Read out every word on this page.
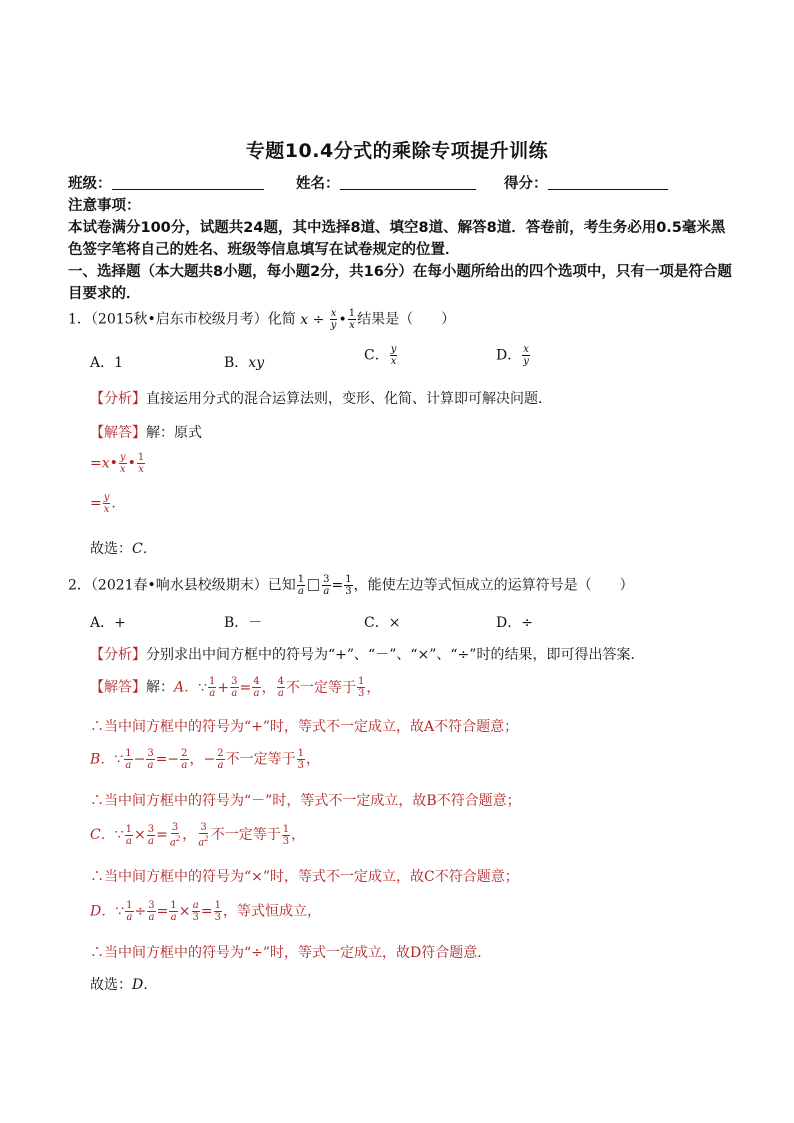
专题10.4分式的乘除专项提升训练
班级：	姓名：	得分：
注意事项：
本试卷满分100分，试题共24题，其中选择8道、填空8道、解答8道．答卷前，考生务必用0.5毫米黑
色签字笔将自己的姓名、班级等信息填写在试卷规定的位置．
一、选择题（本大题共8小题，每小题2分，共16分）在每小题所给出的四个选项中，只有一项是符合题
目要求的．
1．（2015秋•启东市校级月考）化简 $x \div \frac{x}{y}$ • $\frac{1}{x}$ 结果是（　　）
A．1	B．xy	C． $\frac{y}{x}$	D． $\frac{x}{y}$
【分析】直接运用分式的混合运算法则，变形、化简、计算即可解决问题．
【解答】解：原式
=x• $\frac{y}{x}$ • $\frac{1}{x}$
= $\frac{y}{x}$ ．
故选：C．
2．（2021春•响水县校级期末）已知 $\frac{1}{a} \frac{3}{a} = \frac{1}{3}$ ，能使左边等式恒成立的运算符号是（　　）
A．+	B．－	C．×	D．÷
【分析】分别求出中间方框中的符号为“+”、“－”、“×”、“÷”时的结果，即可得出答案．
【解答】解：A．∵ $\frac{1}{a} + \frac{3}{a} = \frac{4}{a}$ ， $\frac{4}{a}$ 不一定等于 $\frac{1}{3}$ ，
∴当中间方框中的符号为“+”时，等式不一定成立，故A不符合题意；
B．∵ $\frac{1}{a} - \frac{3}{a} =- \frac{2}{a}$ ，− $\frac{2}{a}$ 不一定等于 $\frac{1}{3}$ ，
∴当中间方框中的符号为“－”时，等式不一定成立，故B不符合题意；
C．∵ $\frac{1}{a} \times \frac{3}{a} = \frac{3}{a^2}$ ， $\frac{3}{a^2}$ 不一定等于 $\frac{1}{3}$ ，
∴当中间方框中的符号为“×”时，等式不一定成立，故C不符合题意；
D．∵ $\frac{1}{a} \div \frac{3}{a} = \frac{1}{a} \times \frac{a}{3} = \frac{1}{3}$ ，等式恒成立，
∴当中间方框中的符号为“÷”时，等式一定成立，故D符合题意．
故选：D．
